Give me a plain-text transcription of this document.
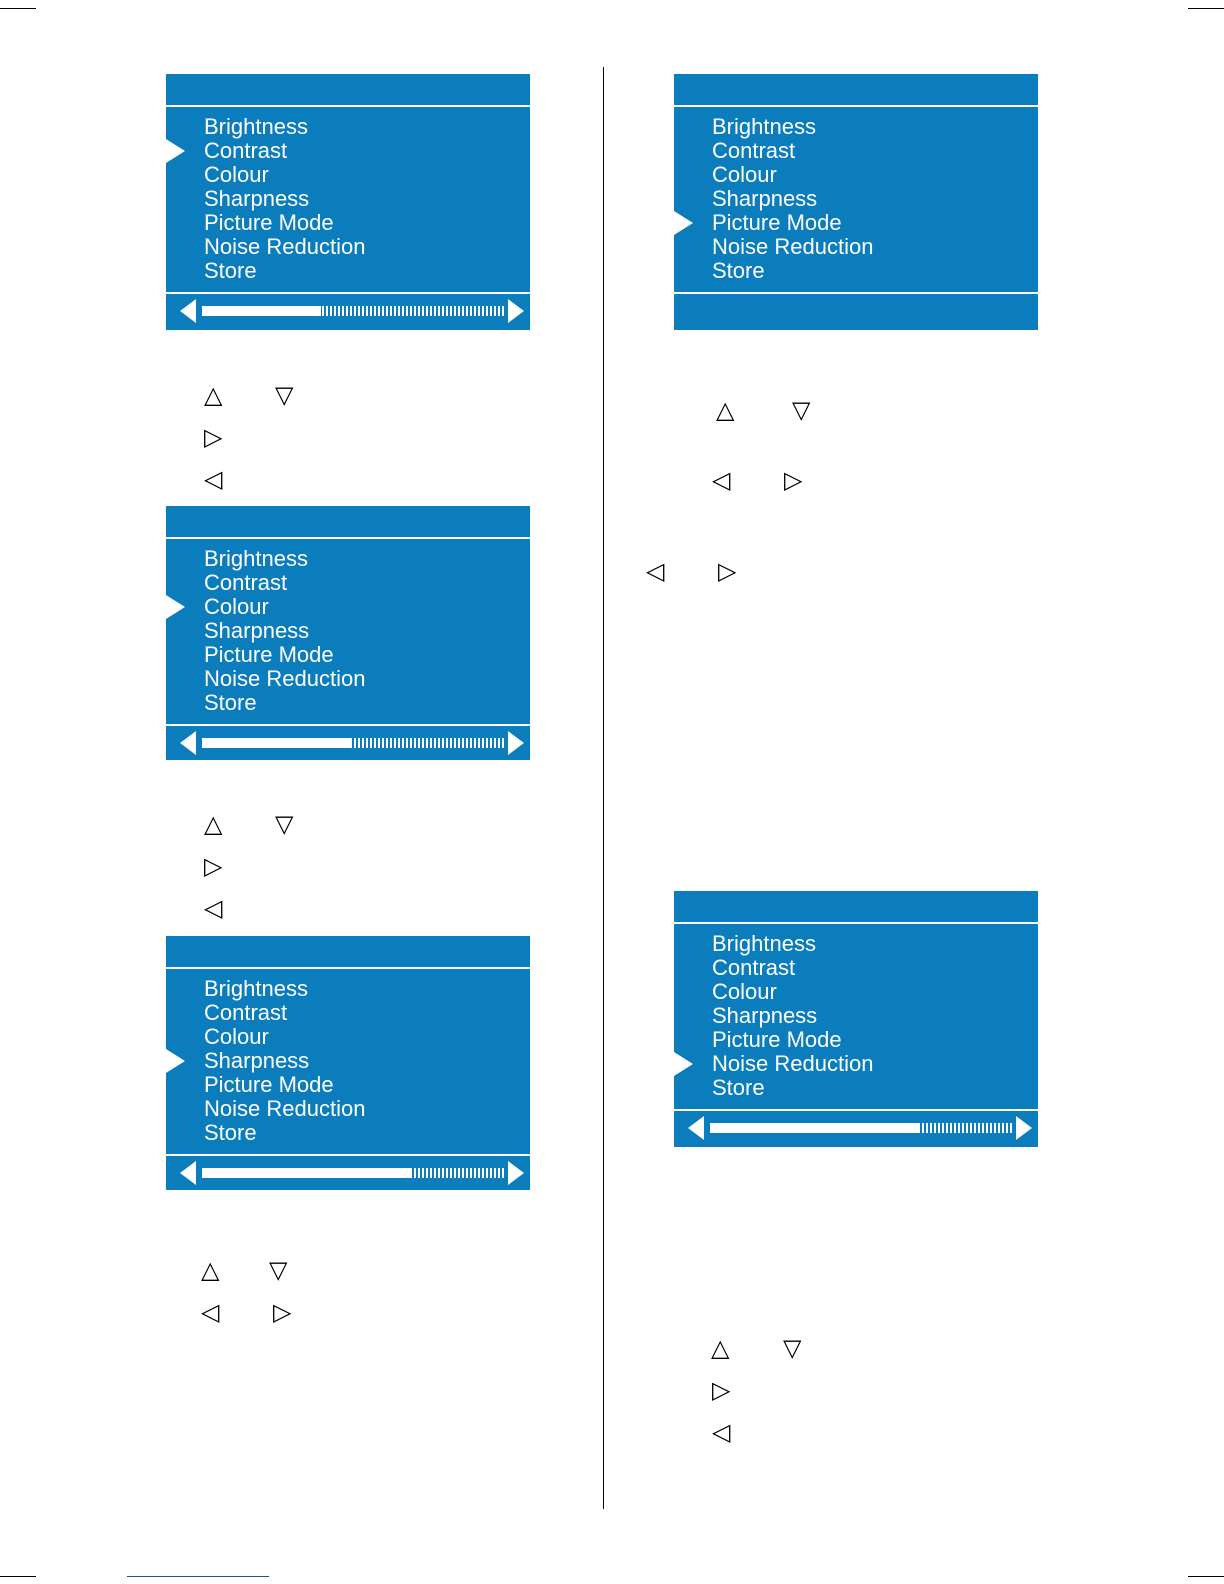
Brightness
Contrast
Colour
Sharpness
Picture Mode
Noise Reduction
Store
Brightness
Contrast
Colour
Sharpness
Picture Mode
Noise Reduction
Store
Brightness
Contrast
Colour
Sharpness
Picture Mode
Noise Reduction
Store
Brightness
Contrast
Colour
Sharpness
Picture Mode
Noise Reduction
Store
Brightness
Contrast
Colour
Sharpness
Picture Mode
Noise Reduction
Store
△ ▽
▷
◁
△ ▽
▷
◁
△ ▽
◁ ▷
△ ▽
◁ ▷
◁ ▷
△ ▽
▷
◁
